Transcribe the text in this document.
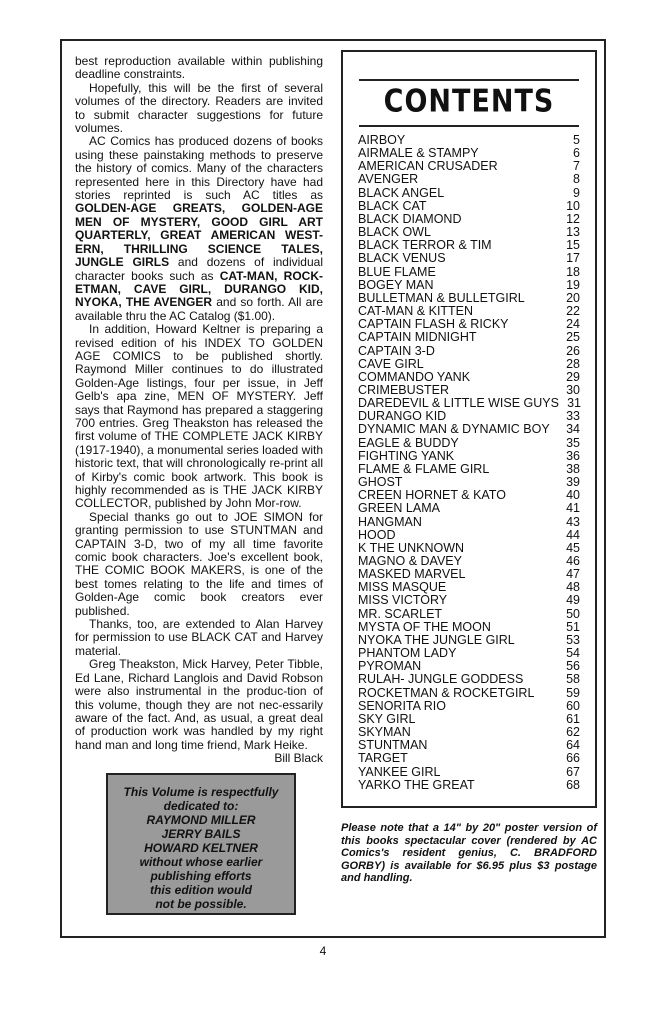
best reproduction available within publishing deadline constraints.

Hopefully, this will be the first of several volumes of the directory. Readers are invited to submit character suggestions for future volumes.

AC Comics has produced dozens of books using these painstaking methods to preserve the history of comics. Many of the characters represented here in this Directory have had stories reprinted is such AC titles as GOLDEN-AGE GREATS, GOLDEN-AGE MEN OF MYSTERY, GOOD GIRL ART QUARTERLY, GREAT AMERICAN WEST-ERN, THRILLING SCIENCE TALES, JUNGLE GIRLS and dozens of individual character books such as CAT-MAN, ROCK-ETMAN, CAVE GIRL, DURANGO KID, NYOKA, THE AVENGER and so forth. All are available thru the AC Catalog ($1.00).

In addition, Howard Keltner is preparing a revised edition of his INDEX TO GOLDEN AGE COMICS to be published shortly. Raymond Miller continues to do illustrated Golden-Age listings, four per issue, in Jeff Gelb's apa zine, MEN OF MYSTERY. Jeff says that Raymond has prepared a staggering 700 entries. Greg Theakston has released the first volume of THE COMPLETE JACK KIRBY (1917-1940), a monumental series loaded with historic text, that will chronologically re-print all of Kirby's comic book artwork. This book is highly recommended as is THE JACK KIRBY COLLECTOR, published by John Mor-row.

Special thanks go out to JOE SIMON for granting permission to use STUNTMAN and CAPTAIN 3-D, two of my all time favorite comic book characters. Joe's excellent book, THE COMIC BOOK MAKERS, is one of the best tomes relating to the life and times of Golden-Age comic book creators ever published.

Thanks, too, are extended to Alan Harvey for permission to use BLACK CAT and Harvey material.

Greg Theakston, Mick Harvey, Peter Tibble, Ed Lane, Richard Langlois and David Robson were also instrumental in the produc-tion of this volume, though they are not nec-essarily aware of the fact. And, as usual, a great deal of production work was handled by my right hand man and long time friend, Mark Heike.

Bill Black

This Volume is respectfully
dedicated to:
RAYMOND MILLER
JERRY BAILS
HOWARD KELTNER
without whose earlier
publishing efforts
this edition would
not be possible.
CONTENTS
AIRBOY	5
AIRMALE & STAMPY	6
AMERICAN CRUSADER	7
AVENGER	8
BLACK ANGEL	9
BLACK CAT	10
BLACK DIAMOND	12
BLACK OWL	13
BLACK TERROR & TIM	15
BLACK VENUS	17
BLUE FLAME	18
BOGEY MAN	19
BULLETMAN & BULLETGIRL	20
CAT-MAN & KITTEN	22
CAPTAIN FLASH & RICKY	24
CAPTAIN MIDNIGHT	25
CAPTAIN 3-D	26
CAVE GIRL	28
COMMANDO YANK	29
CRIMEBUSTER	30
DAREDEVIL & LITTLE WISE GUYS 31
DURANGO KID	33
DYNAMIC MAN & DYNAMIC BOY	34
EAGLE & BUDDY	35
FIGHTING YANK	36
FLAME & FLAME GIRL	38
GHOST	39
CREEN HORNET & KATO	40
GREEN LAMA	41
HANGMAN	43
HOOD	44
K THE UNKNOWN	45
MAGNO & DAVEY	46
MASKED MARVEL	47
MISS MASQUE	48
MISS VICTORY	49
MR. SCARLET	50
MYSTA OF THE MOON	51
NYOKA THE JUNGLE GIRL	53
PHANTOM LADY	54
PYROMAN	56
RULAH- JUNGLE GODDESS	58
ROCKETMAN & ROCKETGIRL	59
SENORITA RIO	60
SKY GIRL	61
SKYMAN	62
STUNTMAN	64
TARGET	66
YANKEE GIRL	67
YARKO THE GREAT	68
Please note that a 14" by 20" poster version of this books spectacular cover (rendered by AC Comics's resident genius, C. BRADFORD GORBY) is available for $6.95 plus $3 postage and handling.
4
